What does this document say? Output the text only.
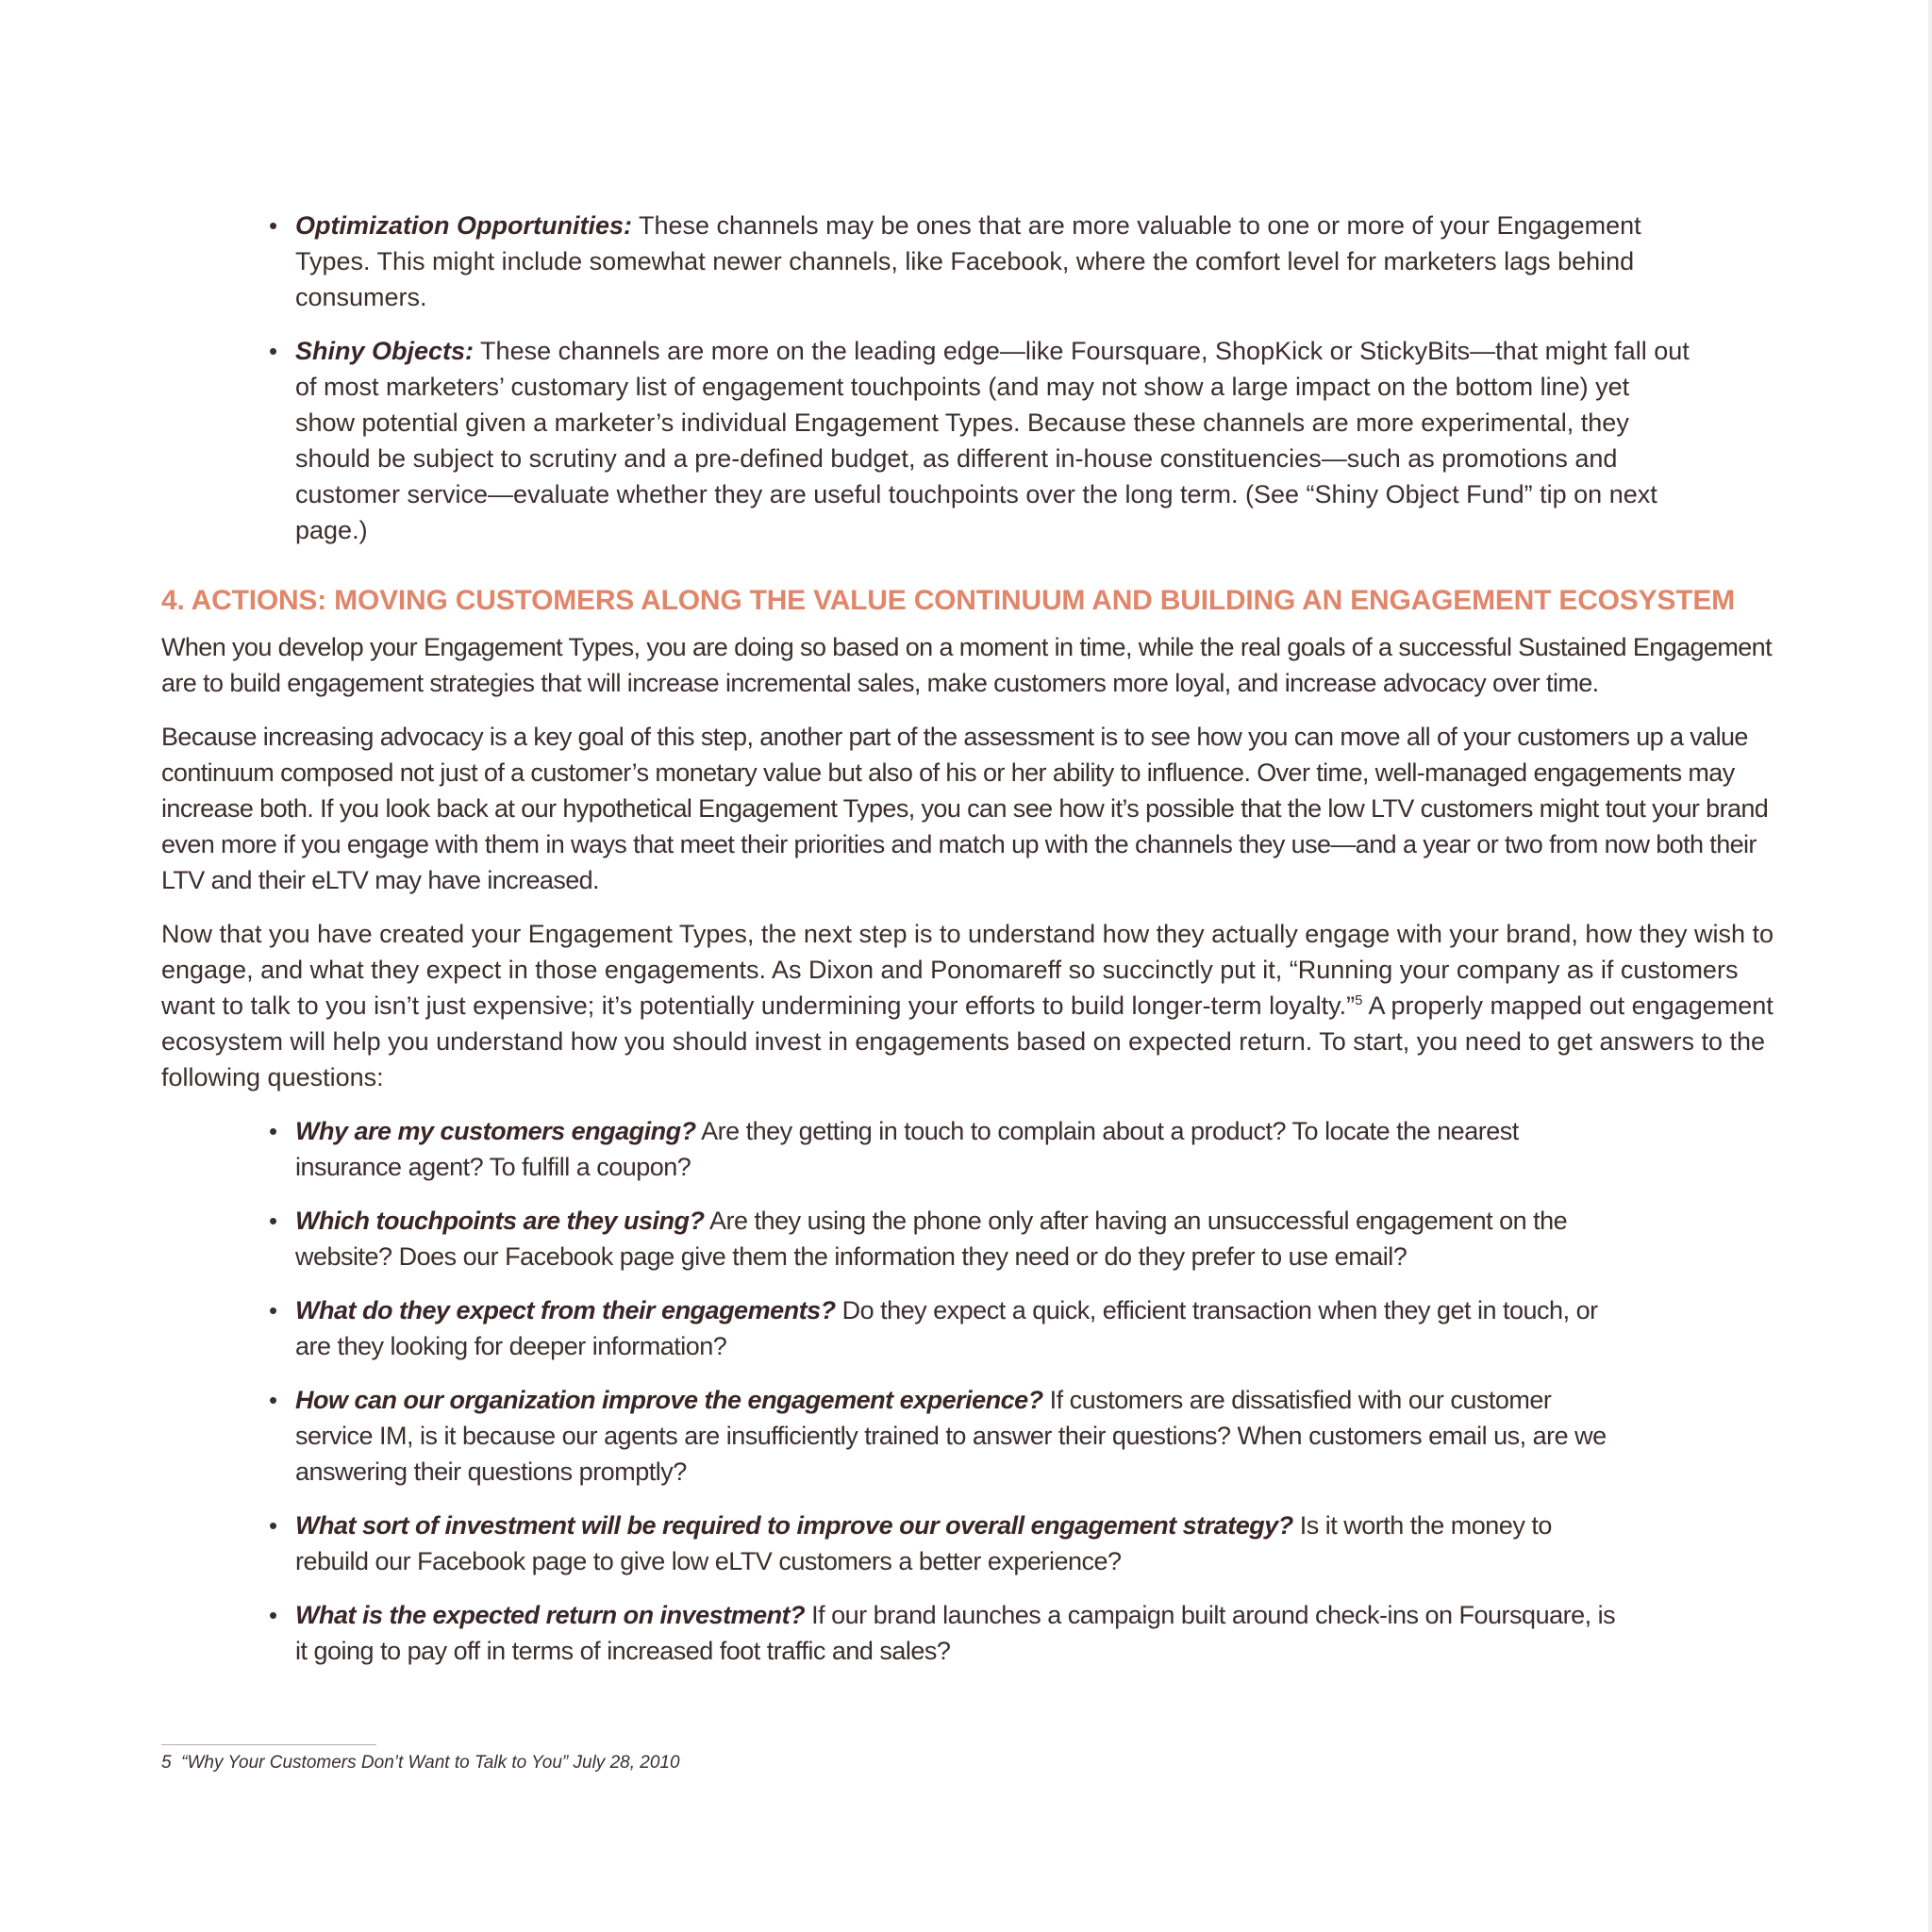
• Optimization Opportunities: These channels may be ones that are more valuable to one or more of your Engagement Types. This might include somewhat newer channels, like Facebook, where the comfort level for marketers lags behind consumers.
• Shiny Objects: These channels are more on the leading edge—like Foursquare, ShopKick or StickyBits—that might fall out of most marketers’ customary list of engagement touchpoints (and may not show a large impact on the bottom line) yet show potential given a marketer’s individual Engagement Types. Because these channels are more experimental, they should be subject to scrutiny and a pre-defined budget, as different in-house constituencies—such as promotions and customer service—evaluate whether they are useful touchpoints over the long term. (See “Shiny Object Fund” tip on next page.)
4. ACTIONS: MOVING CUSTOMERS ALONG THE VALUE CONTINUUM AND BUILDING AN ENGAGEMENT ECOSYSTEM

When you develop your Engagement Types, you are doing so based on a moment in time, while the real goals of a successful Sustained Engagement are to build engagement strategies that will increase incremental sales, make customers more loyal, and increase advocacy over time.

Because increasing advocacy is a key goal of this step, another part of the assessment is to see how you can move all of your customers up a value continuum composed not just of a customer’s monetary value but also of his or her ability to influence. Over time, well-managed engagements may increase both. If you look back at our hypothetical Engagement Types, you can see how it’s possible that the low LTV customers might tout your brand even more if you engage with them in ways that meet their priorities and match up with the channels they use—and a year or two from now both their LTV and their eLTV may have increased.

Now that you have created your Engagement Types, the next step is to understand how they actually engage with your brand, how they wish to engage, and what they expect in those engagements. As Dixon and Ponomareff so succinctly put it, “Running your company as if customers want to talk to you isn’t just expensive; it’s potentially undermining your efforts to build longer-term loyalty.”$^5$ A properly mapped out engagement ecosystem will help you understand how you should invest in engagements based on expected return. To start, you need to get answers to the following questions:

• Why are my customers engaging? Are they getting in touch to complain about a product? To locate the nearest insurance agent? To fulfill a coupon?
• Which touchpoints are they using? Are they using the phone only after having an unsuccessful engagement on the website? Does our Facebook page give them the information they need or do they prefer to use email?
• What do they expect from their engagements? Do they expect a quick, efficient transaction when they get in touch, or are they looking for deeper information?
• How can our organization improve the engagement experience? If customers are dissatisfied with our customer service IM, is it because our agents are insufficiently trained to answer their questions? When customers email us, are we answering their questions promptly?
• What sort of investment will be required to improve our overall engagement strategy? Is it worth the money to rebuild our Facebook page to give low eLTV customers a better experience?
• What is the expected return on investment? If our brand launches a campaign built around check-ins on Foursquare, is it going to pay off in terms of increased foot traffic and sales?
5 “Why Your Customers Don’t Want to Talk to You” July 28, 2010
